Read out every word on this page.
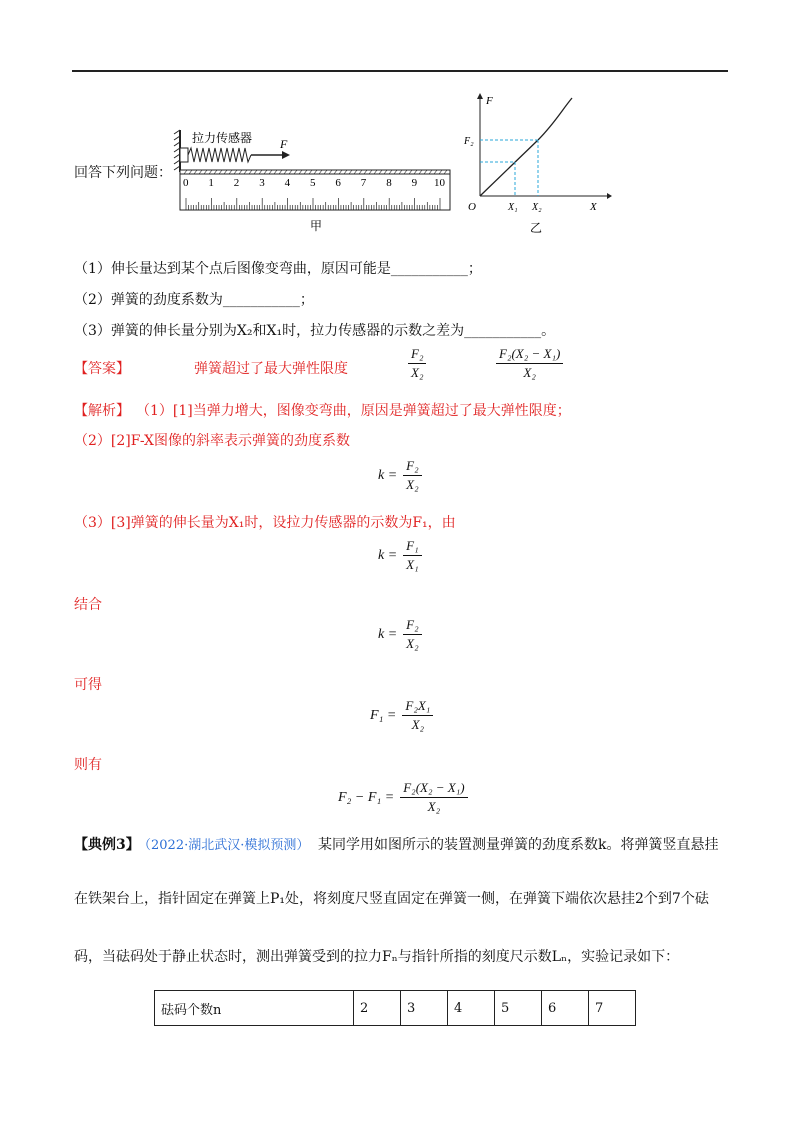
回答下列问题：
F
拉力传感器
0 1 2 3 4 5 6 7 8 9 10
甲
F
X
O
F₂
X₁ X₂
乙
（1）伸长量达到某个点后图像变弯曲，原因可能是___________；
（2）弹簧的劲度系数为___________；
（3）弹簧的伸长量分别为X₂和X₁时，拉力传感器的示数之差为___________。
【答案】	弹簧超过了最大弹性限度	$\frac{\text{F₂}}{\text{X₂}}$	$\frac{\text{F₂(X₂ − X₁)}}{\text{X₂}}$
【解析】 （1）[1]当弹力增大，图像变弯曲，原因是弹簧超过了最大弹性限度；
（2）[2]F-X图像的斜率表示弹簧的劲度系数
$k = \frac{\text{F₂}}{\text{X₂}}$
（3）[3]弹簧的伸长量为X₁时，设拉力传感器的示数为F₁，由
$k = \frac{\text{F₁}}{\text{X₁}}$
结合
$k = \frac{\text{F₂}}{\text{X₂}}$
可得
$F_1 = \frac{\text{F₂X₁}}{\text{X₂}}$
则有
$F_2 - F_1 = \frac{\text{F₂(X₂ − X₁)}}{\text{X₂}}$
【典例3】
（2022·湖北武汉·模拟预测） 某同学用如图所示的装置测量弹簧的劲度系数k。将弹簧竖直悬挂
在铁架台上，指针固定在弹簧上P₁处，将刻度尺竖直固定在弹簧一侧，在弹簧下端依次悬挂2个到7个砝
码，当砝码处于静止状态时，测出弹簧受到的拉力Fₙ与指针所指的刻度尺示数Lₙ，实验记录如下：
砝码个数n	2	3	4	5	6	7
